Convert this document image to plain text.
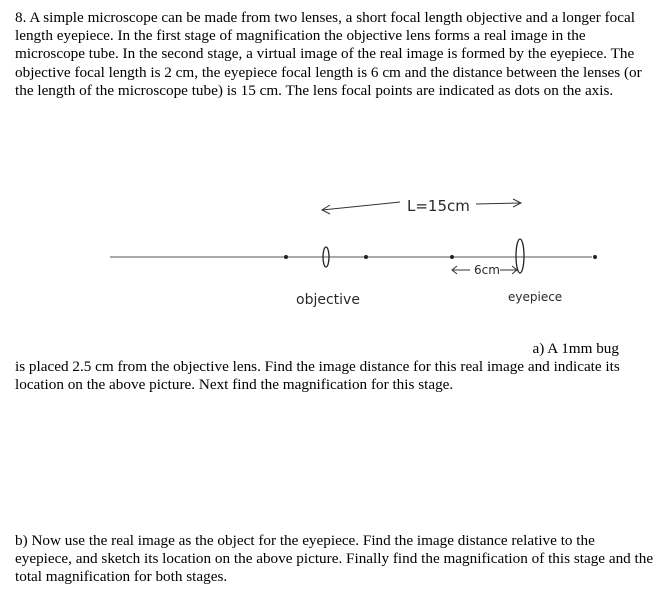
8. A simple microscope can be made from two lenses, a short focal length objective and a longer focal length eyepiece. In the first stage of magnification the objective lens forms a real image in the microscope tube. In the second stage, a virtual image of the real image is formed by the eyepiece. The objective focal length is 2 cm, the eyepiece focal length is 6 cm and the distance between the lenses (or the length of the microscope tube) is 15 cm. The lens focal points are indicated as dots on the axis.
L=15cm
6cm
objective	eyepiece
a) A 1mm bug
is placed 2.5 cm from the objective lens. Find the image distance for this real image and indicate its location on the above picture. Next find the magnification for this stage.
b) Now use the real image as the object for the eyepiece. Find the image distance relative to the eyepiece, and sketch its location on the above picture. Finally find the magnification of this stage and the total magnification for both stages.
